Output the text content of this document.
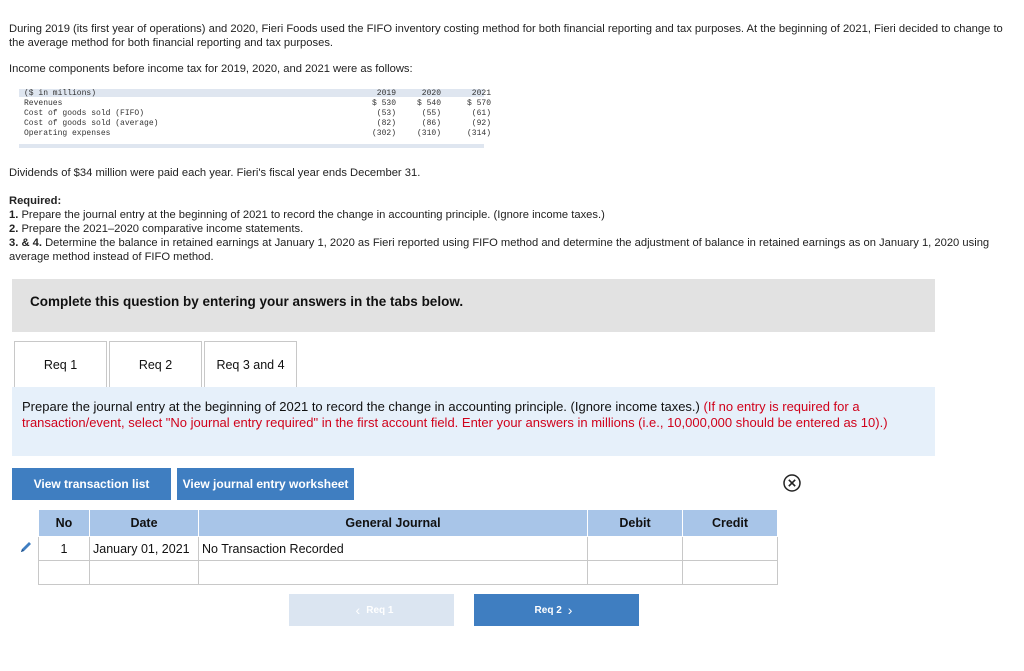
During 2019 (its first year of operations) and 2020, Fieri Foods used the FIFO inventory costing method for both financial reporting and tax purposes. At the beginning of 2021, Fieri decided to change to the average method for both financial reporting and tax purposes.
Income components before income tax for 2019, 2020, and 2021 were as follows:
($ in millions)	2019	2020	2021
Revenues	$ 530	$ 540	$ 570
Cost of goods sold (FIFO)	(53)	(55)	(61)
Cost of goods sold (average)	(82)	(86)	(92)
Operating expenses	(302)	(310)	(314)
Dividends of $34 million were paid each year. Fieri's fiscal year ends December 31.
Required:
1. Prepare the journal entry at the beginning of 2021 to record the change in accounting principle. (Ignore income taxes.)
2. Prepare the 2021–2020 comparative income statements.
3. & 4. Determine the balance in retained earnings at January 1, 2020 as Fieri reported using FIFO method and determine the adjustment of balance in retained earnings as on January 1, 2020 using average method instead of FIFO method.
Complete this question by entering your answers in the tabs below.
Req 1	Req 2	Req 3 and 4

Prepare the journal entry at the beginning of 2021 to record the change in accounting principle. (Ignore income taxes.) (If no entry is required for a transaction/event, select "No journal entry required" in the first account field. Enter your answers in millions (i.e., 10,000,000 should be entered as 10).)

View transaction list	View journal entry worksheet
No	Date	General Journal	Debit	Credit
1	January 01, 2021	No Transaction Recorded		

‹ Req 1	Req 2 ›
